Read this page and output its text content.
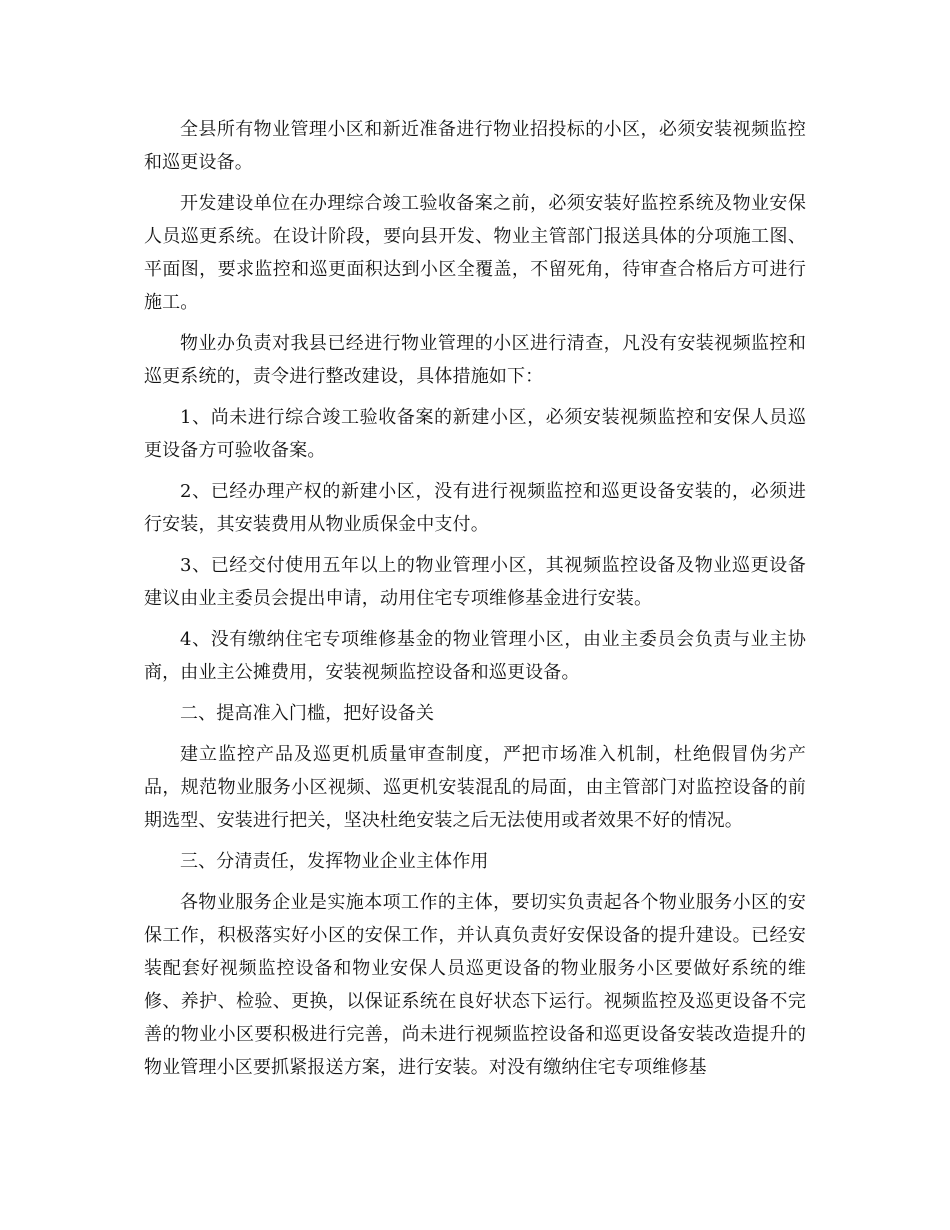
全县所有物业管理小区和新近准备进行物业招投标的小区，必须安装视频监控和巡更设备。

开发建设单位在办理综合竣工验收备案之前，必须安装好监控系统及物业安保人员巡更系统。在设计阶段，要向县开发、物业主管部门报送具体的分项施工图、平面图，要求监控和巡更面积达到小区全覆盖，不留死角，待审查合格后方可进行施工。

物业办负责对我县已经进行物业管理的小区进行清查，凡没有安装视频监控和巡更系统的，责令进行整改建设，具体措施如下：

1、尚未进行综合竣工验收备案的新建小区，必须安装视频监控和安保人员巡更设备方可验收备案。

2、已经办理产权的新建小区，没有进行视频监控和巡更设备安装的，必须进行安装，其安装费用从物业质保金中支付。

3、已经交付使用五年以上的物业管理小区，其视频监控设备及物业巡更设备建议由业主委员会提出申请，动用住宅专项维修基金进行安装。

4、没有缴纳住宅专项维修基金的物业管理小区，由业主委员会负责与业主协商，由业主公摊费用，安装视频监控设备和巡更设备。

二、提高准入门槛，把好设备关

建立监控产品及巡更机质量审查制度，严把市场准入机制，杜绝假冒伪劣产品，规范物业服务小区视频、巡更机安装混乱的局面，由主管部门对监控设备的前期选型、安装进行把关，坚决杜绝安装之后无法使用或者效果不好的情况。

三、分清责任，发挥物业企业主体作用

各物业服务企业是实施本项工作的主体，要切实负责起各个物业服务小区的安保工作，积极落实好小区的安保工作，并认真负责好安保设备的提升建设。已经安装配套好视频监控设备和物业安保人员巡更设备的物业服务小区要做好系统的维修、养护、检验、更换，以保证系统在良好状态下运行。视频监控及巡更设备不完善的物业小区要积极进行完善，尚未进行视频监控设备和巡更设备安装改造提升的物业管理小区要抓紧报送方案，进行安装。对没有缴纳住宅专项维修基
